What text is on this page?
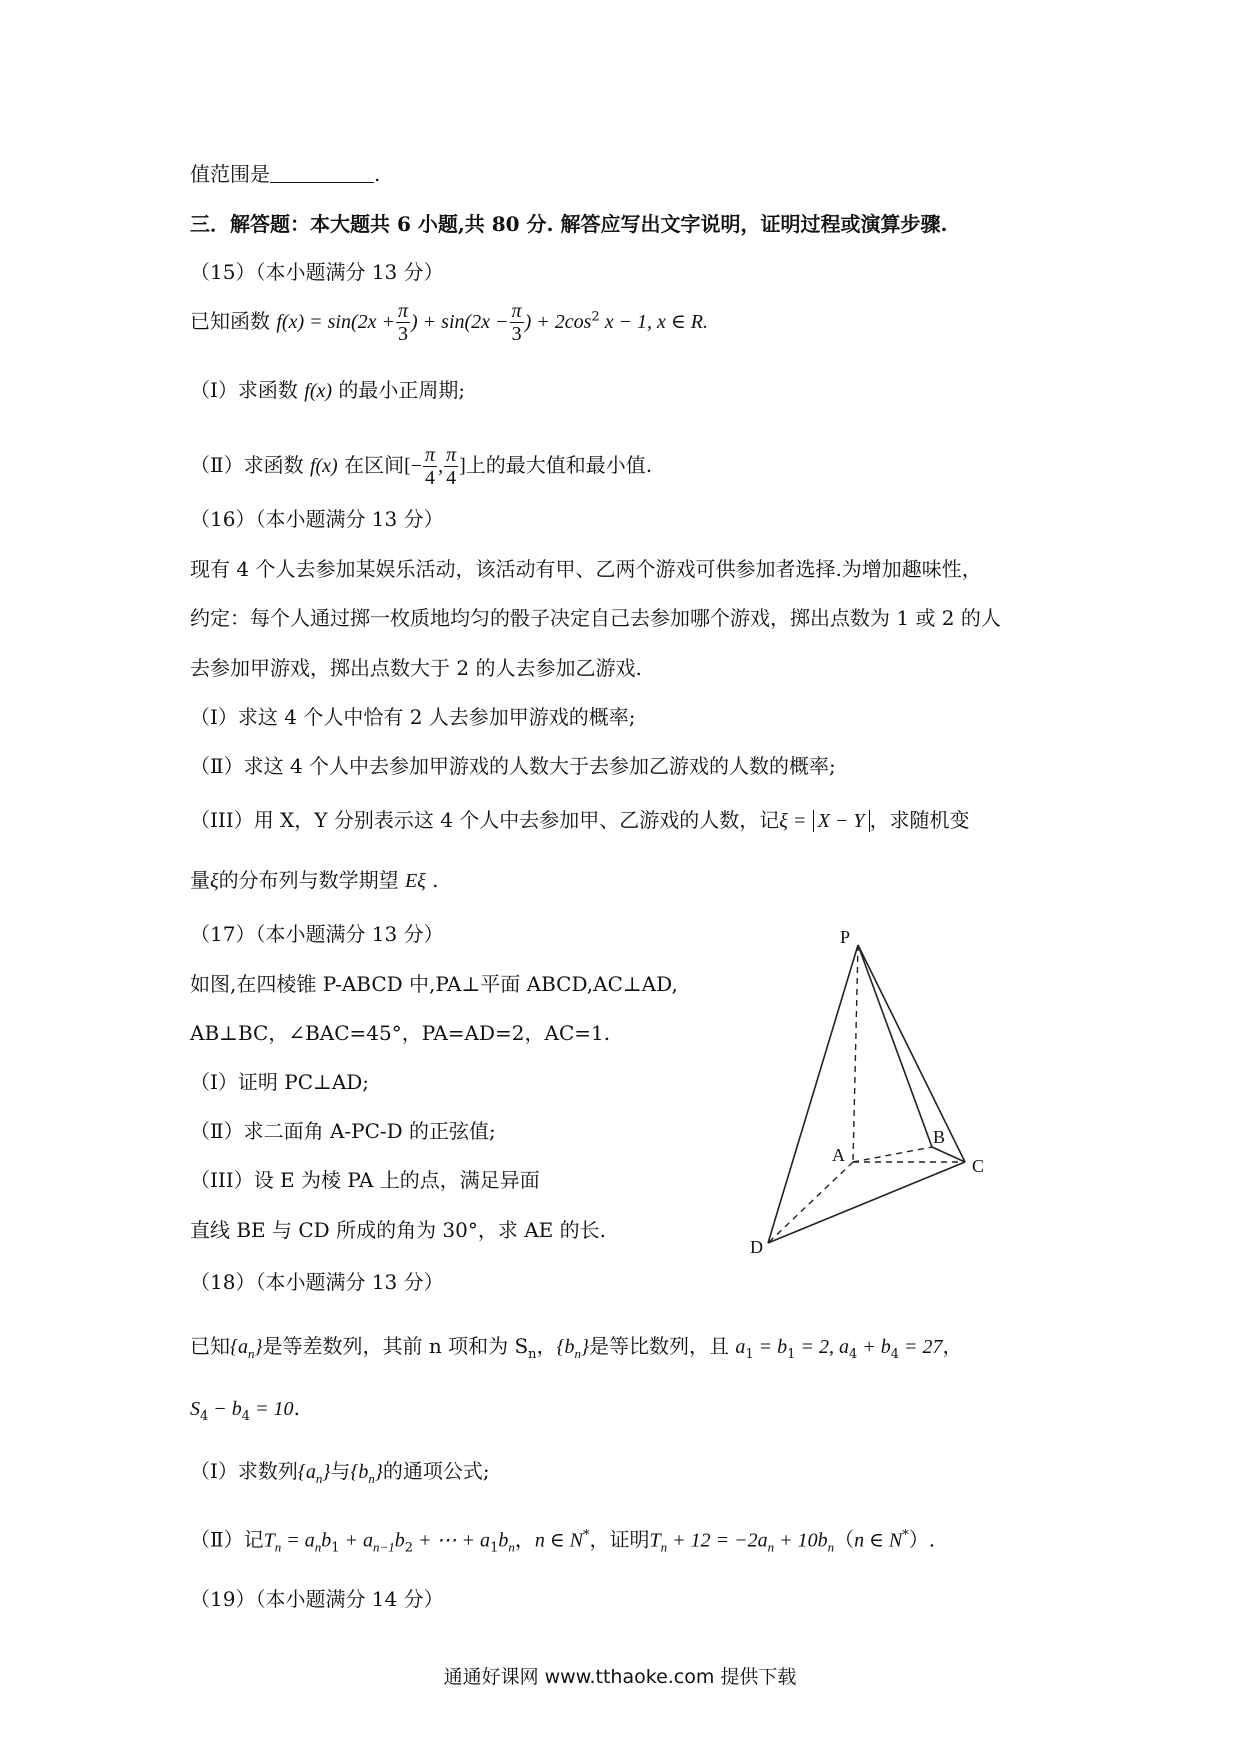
值范围是	.
三．解答题：本大题共 6 小题,共 80 分. 解答应写出文字说明，证明过程或演算步骤.
（15）（本小题满分 13 分）
已知函数 $f(x) = \sin(2x + \frac{\pi}{3}$ ) + $\sin(2x - \frac{\pi}{3}$ ) + $2\cos^2$ x − 1, x ∈ R.
（Ⅰ）求函数 f(x) 的最小正周期;
（Ⅱ）求函数 f(x) 在区间[− $\frac{\pi}{4}$ , $\frac{\pi}{4}$ ]上的最大值和最小值.
（16）（本小题满分 13 分）
现有 4 个人去参加某娱乐活动，该活动有甲、乙两个游戏可供参加者选择.为增加趣味性，
约定：每个人通过掷一枚质地均匀的骰子决定自己去参加哪个游戏，掷出点数为 1 或 2 的人
去参加甲游戏，掷出点数大于 2 的人去参加乙游戏.
（Ⅰ）求这 4 个人中恰有 2 人去参加甲游戏的概率;
（Ⅱ）求这 4 个人中去参加甲游戏的人数大于去参加乙游戏的人数的概率;
（III）用 X，Y 分别表示这 4 个人中去参加甲、乙游戏的人数，记ξ = X − Y ，求随机变
量ξ的分布列与数学期望 Eξ .
（17）（本小题满分 13 分）
如图,在四棱锥 P-ABCD 中,PA⊥平面 ABCD,AC⊥AD,
AB⊥BC，∠BAC=45°，PA=AD=2，AC=1.
（Ⅰ）证明 PC⊥AD;
（Ⅱ）求二面角 A-PC-D 的正弦值;
（III）设 E 为棱 PA 上的点，满足异面
直线 BE 与 CD 所成的角为 30°，求 AE 的长.
P
A
B
C
D
（18）（本小题满分 13 分）
已知$\{a_n\}$是等差数列，其前 n 项和为 $S_n$，$\{b_n\}$是等比数列，且 $a_1 = b_1 = 2$, $a_4 + b_4 = 27$，
$S_4 - b_4 = 10$.
（Ⅰ）求数列$\{a_n\}$与$\{b_n\}$的通项公式;
（Ⅱ）记$T_n = a_nb_1 + a_{n-1}b_2$ + ⋯ + $a_1b_n$，n ∈ N*，证明$T_n + 12 = -2a_n + 10b_n(n$ ∈ N*）.
（19）（本小题满分 14 分）
通通好课网 www.tthaoke.com 提供下载
